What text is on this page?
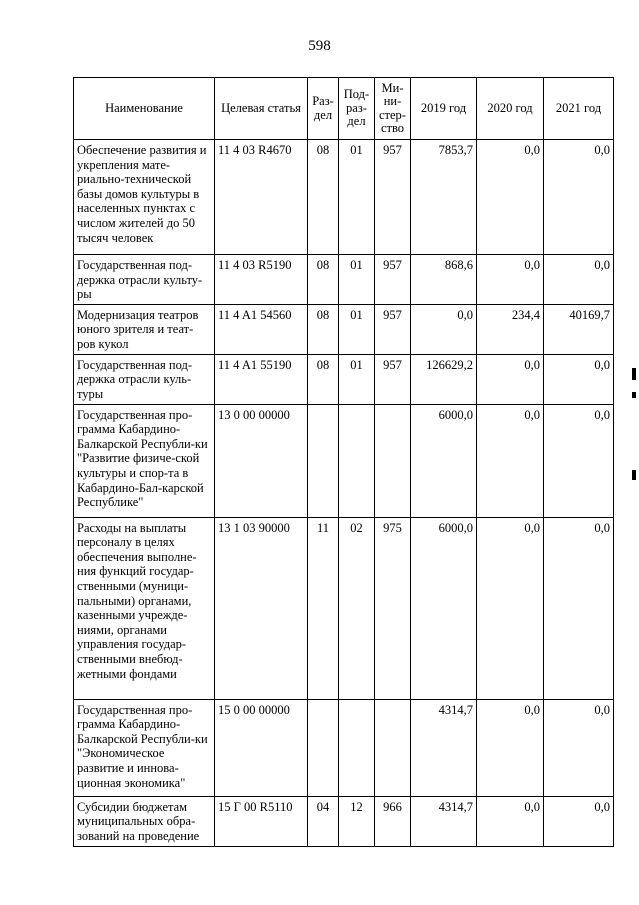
598
Наименование	Целевая статья	Раз-дел	Под-раз-дел	Ми-ни-стер-ство	2019 год	2020 год	2021 год
Обеспечение развития и укрепления мате-риально-технической базы домов культуры в населенных пунктах с числом жителей до 50 тысяч человек	11 4 03 R4670	08	01	957	7853,7	0,0	0,0
Государственная под-держка отрасли культу-ры	11 4 03 R5190	08	01	957	868,6	0,0	0,0
Модернизация театров юного зрителя и теат-ров кукол	11 4 A1 54560	08	01	957	0,0	234,4	40169,7
Государственная под-держка отрасли куль-туры	11 4 A1 55190	08	01	957	126629,2	0,0	0,0
Государственная про-грамма Кабардино-Балкарской Республи-ки "Развитие физиче-ской культуры и спор-та в Кабардино-Бал-карской Республике"	13 0 00 00000				6000,0	0,0	0,0
Расходы на выплаты персоналу в целях обеспечения выполне-ния функций государ-ственными (муници-пальными) органами, казенными учрежде-ниями, органами управления государ-ственными внебюд-жетными фондами	13 1 03 90000	11	02	975	6000,0	0,0	0,0
Государственная про-грамма Кабардино-Балкарской Республи-ки "Экономическое развитие и иннова-ционная экономика"	15 0 00 00000				4314,7	0,0	0,0
Субсидии бюджетам муниципальных обра-зований на проведение	15 Г 00 R5110	04	12	966	4314,7	0,0	0,0
